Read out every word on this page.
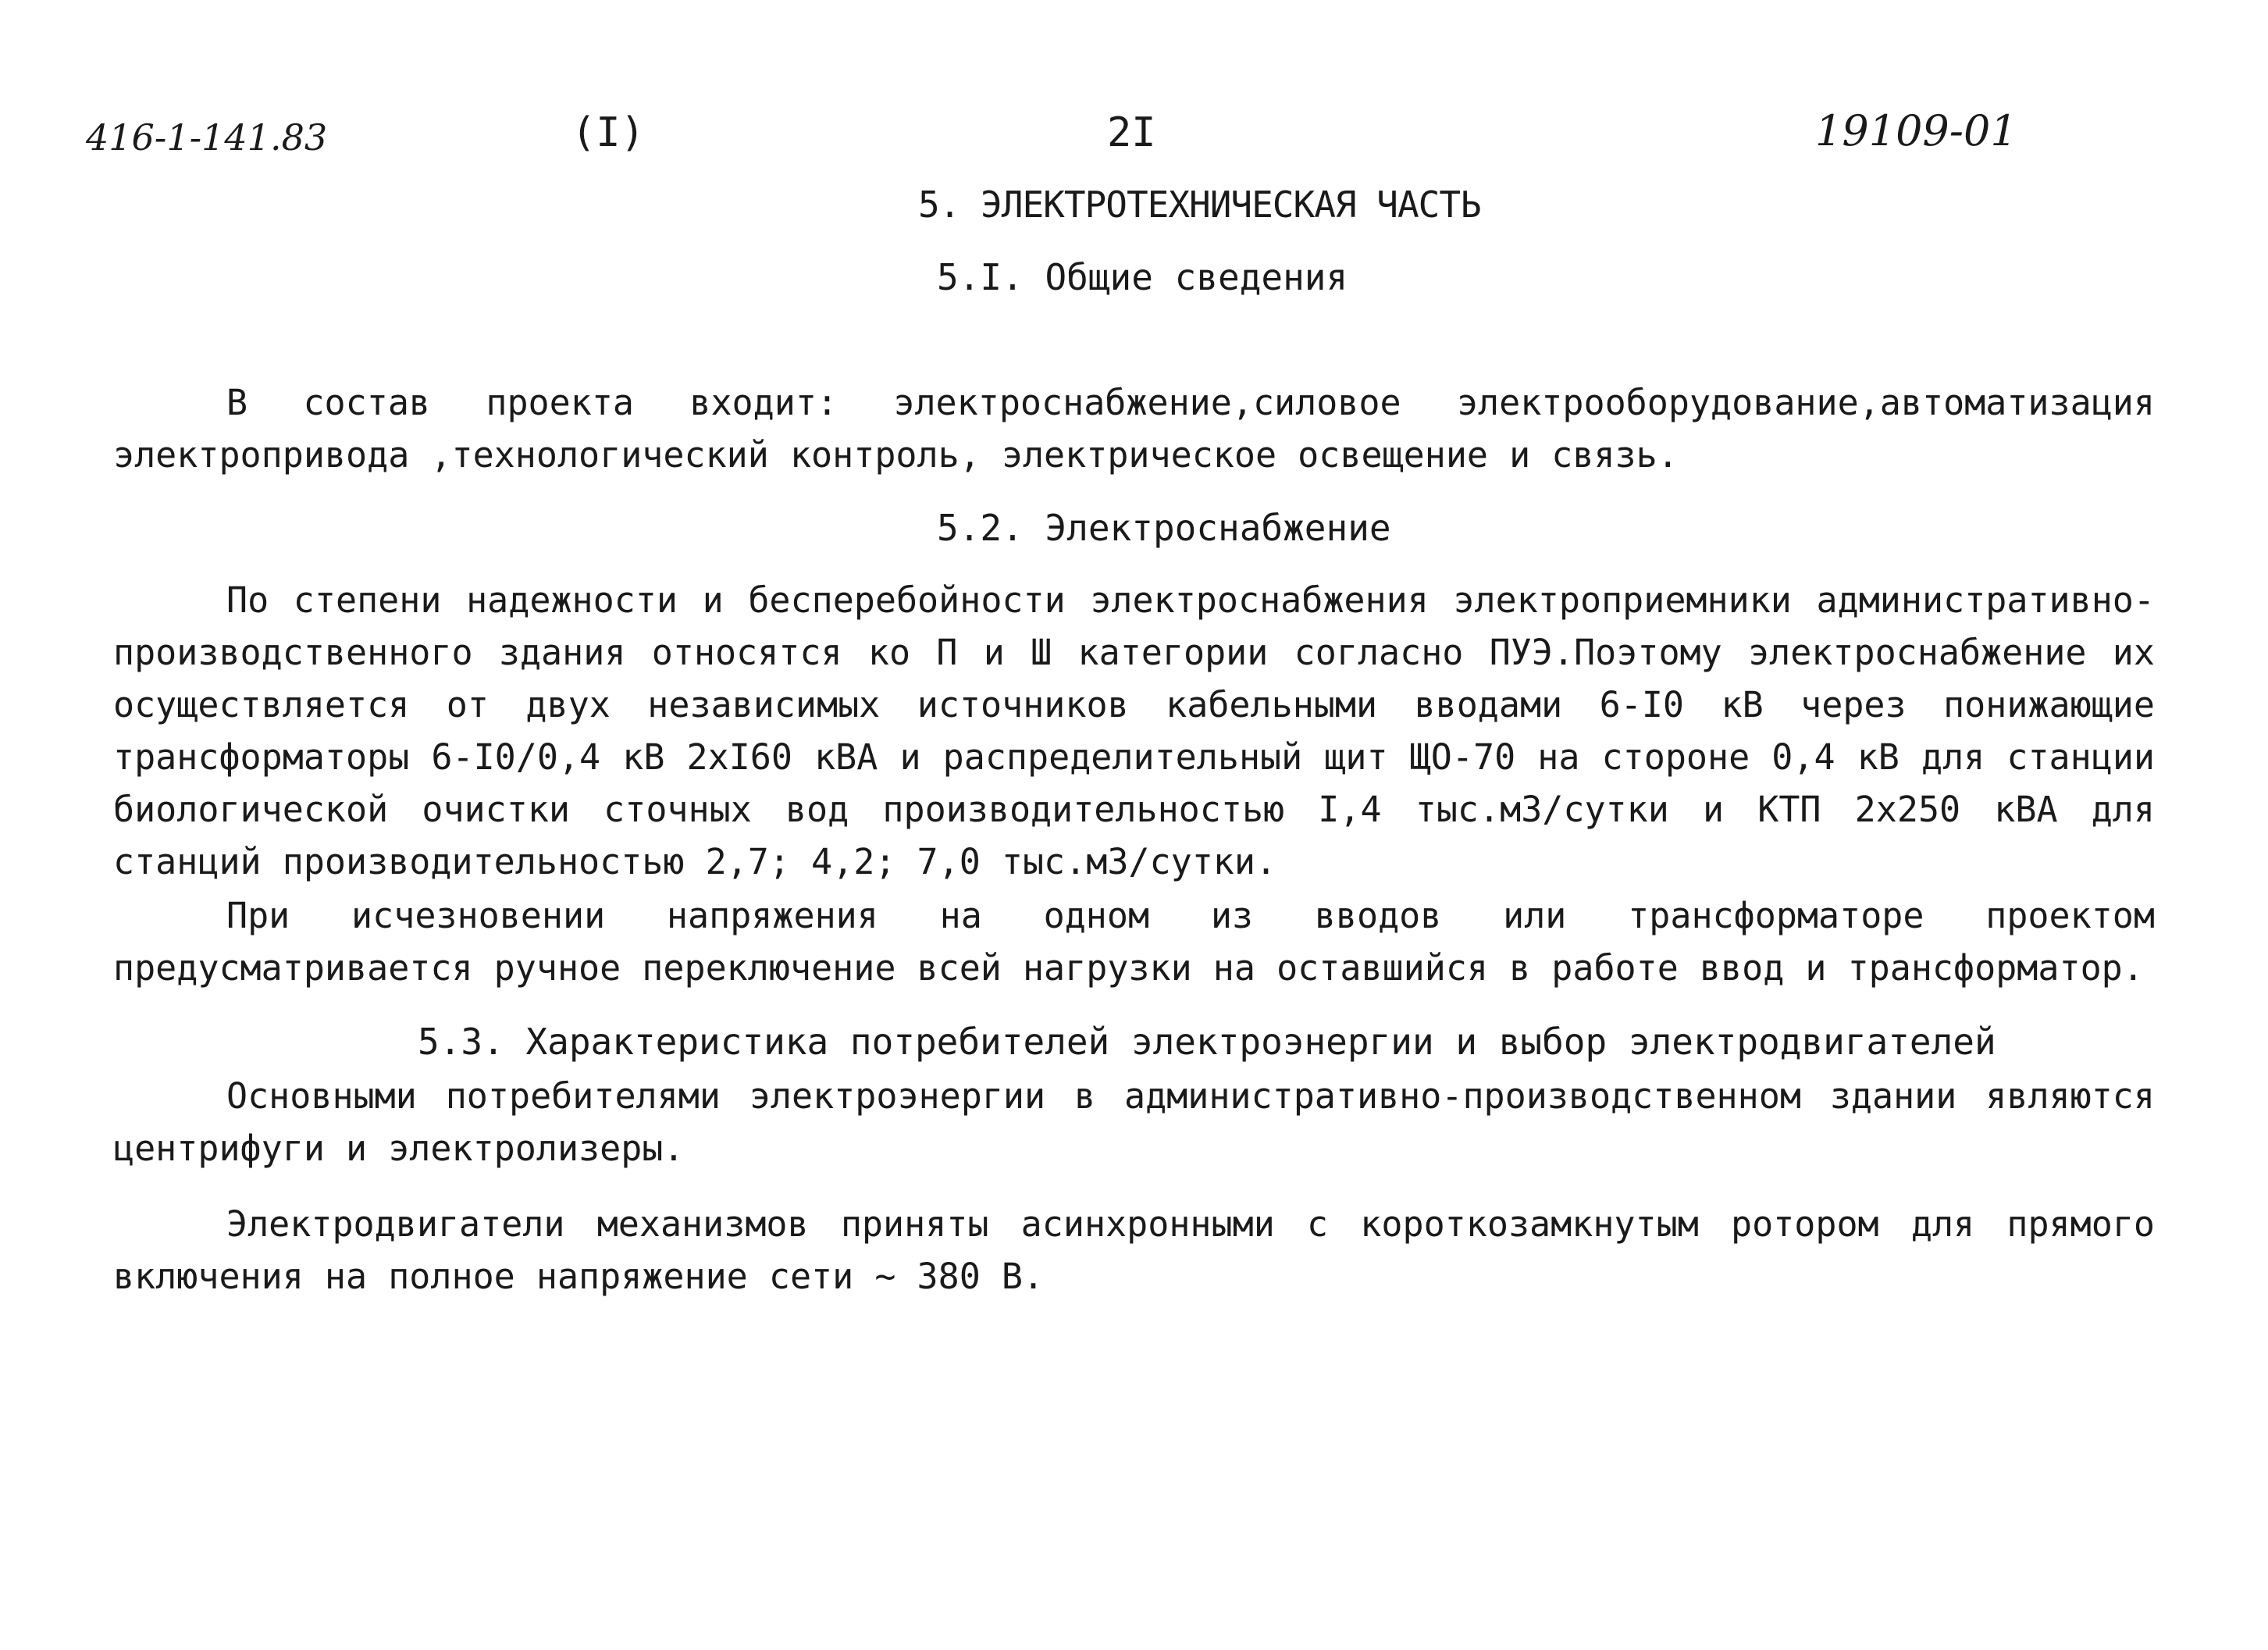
416-1-141.83	(I)	2I	19109-01
5. ЭЛЕКТРОТЕХНИЧЕСКАЯ ЧАСТЬ
5.I. Общие сведения

В состав проекта входит: электроснабжение,силовое электрооборудование,автоматизация электропривода ,технологический контроль, электрическое освещение и связь.

5.2. Электроснабжение

По степени надежности и бесперебойности электроснабжения электроприемники административно-производственного здания относятся ко П и Ш категории согласно ПУЭ.Поэтому электроснабжение их осуществляется от двух независимых источников кабельными вводами 6-I0 кВ через понижающие трансформаторы 6-I0/0,4 кВ 2хI60 кВА и распределительный щит ЩО-70 на стороне 0,4 кВ для станции биологической очистки сточных вод производительностью I,4 тыс.м3/сутки и КТП 2х250 кВА для станций производительностью 2,7; 4,2; 7,0 тыс.м3/сутки.

При исчезновении напряжения на одном из вводов или трансформаторе проектом предусматривается ручное переключение всей нагрузки на оставшийся в работе ввод и трансформатор.

5.3. Характеристика потребителей электроэнергии и выбор электродвигателей

Основными потребителями электроэнергии в административно-производственном здании являются центрифуги и электролизеры.

Электродвигатели механизмов приняты асинхронными с короткозамкнутым ротором для прямого включения на полное напряжение сети ~ 380 В.
